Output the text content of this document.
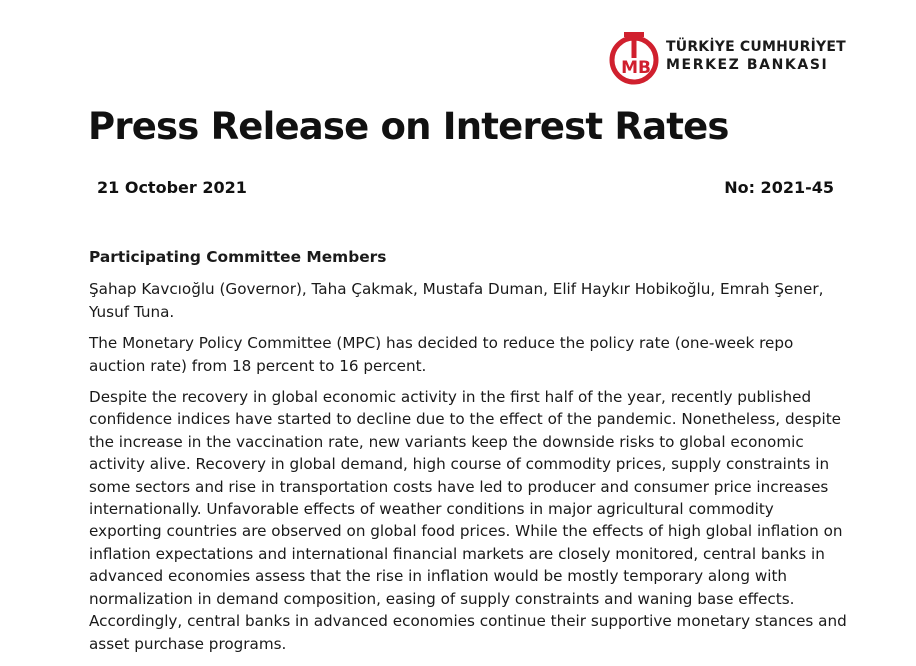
MB
TÜRKİYE CUMHURİYET
MERKEZ BANKASI
Press Release on Interest Rates
21 October 2021	No: 2021-45
Participating Committee Members

Şahap Kavcıoğlu (Governor), Taha Çakmak, Mustafa Duman, Elif Haykır Hobikoğlu, Emrah Şener, Yusuf Tuna.

The Monetary Policy Committee (MPC) has decided to reduce the policy rate (one-week repo auction rate) from 18 percent to 16 percent.

Despite the recovery in global economic activity in the first half of the year, recently published confidence indices have started to decline due to the effect of the pandemic. Nonetheless, despite the increase in the vaccination rate, new variants keep the downside risks to global economic activity alive. Recovery in global demand, high course of commodity prices, supply constraints in some sectors and rise in transportation costs have led to producer and consumer price increases internationally. Unfavorable effects of weather conditions in major agricultural commodity exporting countries are observed on global food prices. While the effects of high global inflation on inflation expectations and international financial markets are closely monitored, central banks in advanced economies assess that the rise in inflation would be mostly temporary along with normalization in demand composition, easing of supply constraints and waning base effects. Accordingly, central banks in advanced economies continue their supportive monetary stances and asset purchase programs.
